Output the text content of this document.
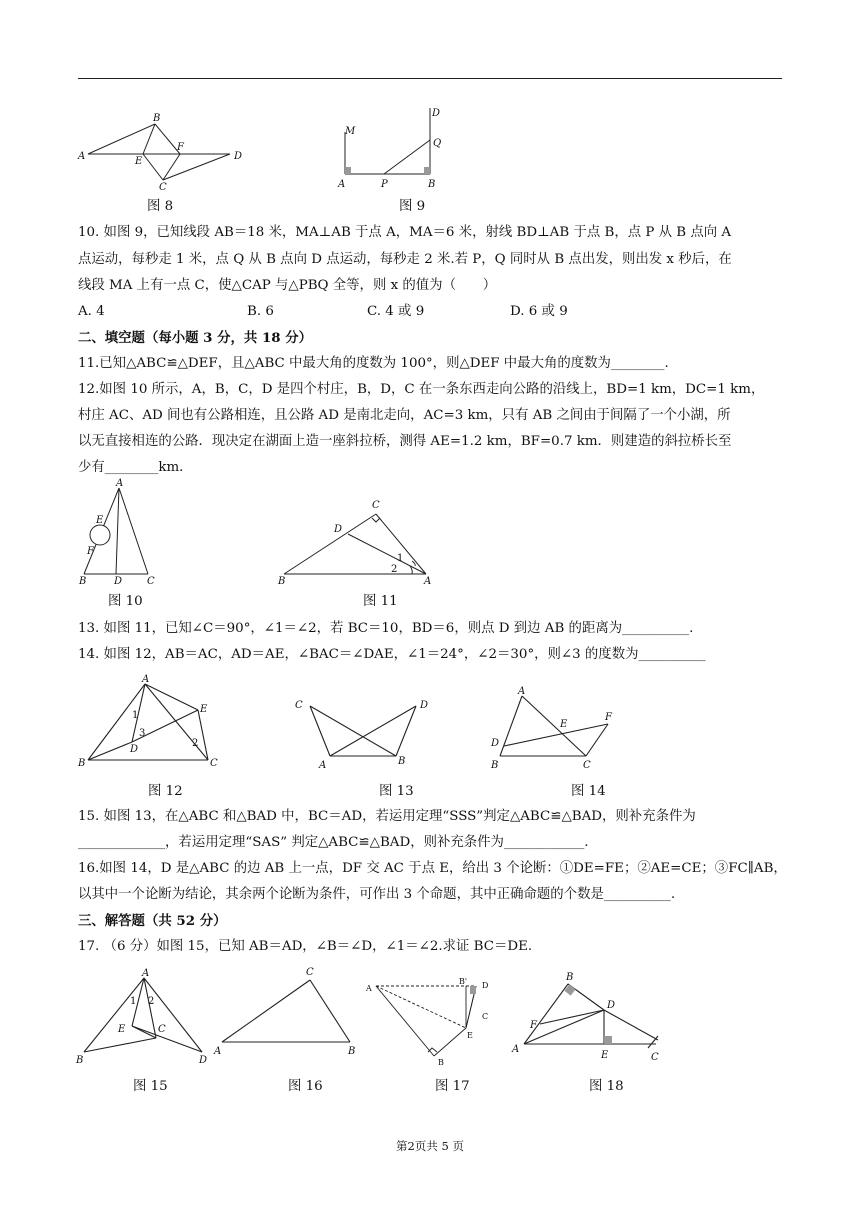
A
B
C
D
E
F
图 8
M
A	P	B
Q
D
图 9
10. 如图 9，已知线段 AB＝18 米，MA⊥AB 于点 A，MA＝6 米，射线 BD⊥AB 于点 B，点 P 从 B 点向 A
点运动，每秒走 1 米，点 Q 从 B 点向 D 点运动，每秒走 2 米.若 P，Q 同时从 B 点出发，则出发 x 秒后，在
线段 MA 上有一点 C，使△CAP 与△PBQ 全等，则 x 的值为（　　）
A. 4	B. 6	C. 4 或 9	D. 6 或 9
二、填空题（每小题 3 分，共 18 分）
11.已知△ABC≌△DEF，且△ABC 中最大角的度数为 100°，则△DEF 中最大角的度数为________.
12.如图 10 所示，A，B，C，D 是四个村庄，B，D，C 在一条东西走向公路的沿线上，BD=1 km，DC=1 km，
村庄 AC、AD 间也有公路相连，且公路 AD 是南北走向，AC=3 km，只有 AB 之间由于间隔了一个小湖，所
以无直接相连的公路．现决定在湖面上造一座斜拉桥，测得 AE=1.2 km，BF=0.7 km．则建造的斜拉桥长至
少有________km．
A
E
F
B	D C
图 10
C
D
1
2
B	A
图 11
13. 如图 11，已知∠C＝90°，∠1＝∠2，若 BC＝10，BD＝6，则点 D 到边 AB 的距离为__________.
14. 如图 12，AB＝AC，AD＝AE，∠BAC＝∠DAE，∠1＝24°，∠2＝30°，则∠3 的度数为__________
A
E
1
3
D
2
B	C
图 12
C	D
A	B
图 13
A
E
F
D
B	C
图 14
15. 如图 13，在△ABC 和△BAD 中，BC＝AD，若运用定理“SSS”判定△ABC≌△BAD，则补充条件为
_____________，若运用定理“SAS” 判定△ABC≌△BAD，则补充条件为____________.
16.如图 14，D 是△ABC 的边 AB 上一点，DF 交 AC 于点 E，给出 3 个论断：①DE=FE；②AE=CE；③FC∥AB，
以其中一个论断为结论，其余两个论断为条件，可作出 3 个命题，其中正确命题的个数是__________.
三、解答题（共 52 分）
17. （6 分）如图 15，已知 AB＝AD，∠B＝∠D，∠1＝∠2.求证 BC＝DE.
A
1 2
E	C
B	D
图 15
C
A	B
图 16
A
B' D
C
E
B
图 17
B
D
F
A
E	C
图 18
第2页共 5 页
